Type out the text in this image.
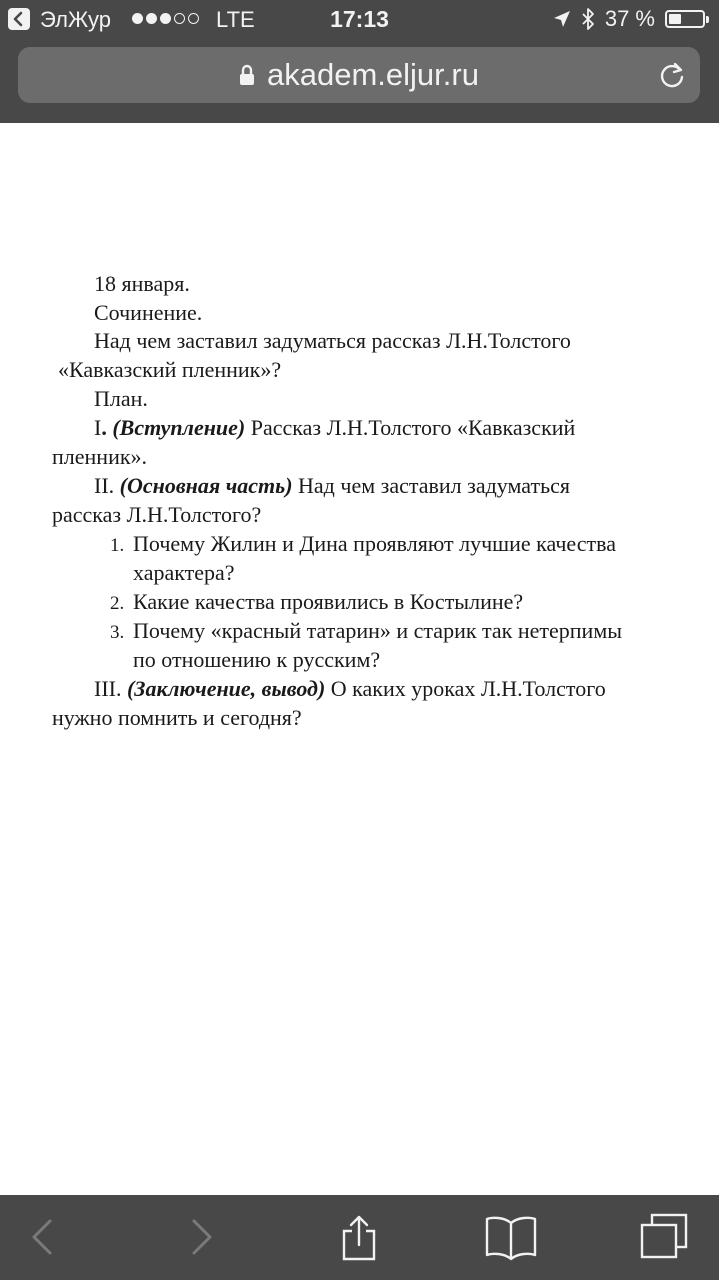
ЭлЖур	LTE	17:13	37 %
akadem.eljur.ru

18 января.

Сочинение.

Над чем заставил задуматься рассказ Л.Н.Толстого

«Кавказский пленник»?

План.

I. (Вступление) Рассказ Л.Н.Толстого «Кавказский

пленник».

II. (Основная часть) Над чем заставил задуматься

рассказ Л.Н.Толстого?

1. Почему Жилин и Дина проявляют лучшие качества

характера?

2. Какие качества проявились в Костылине?

3. Почему «красный татарин» и старик так нетерпимы

по отношению к русским?

III. (Заключение, вывод) О каких уроках Л.Н.Толстого

нужно помнить и сегодня?
